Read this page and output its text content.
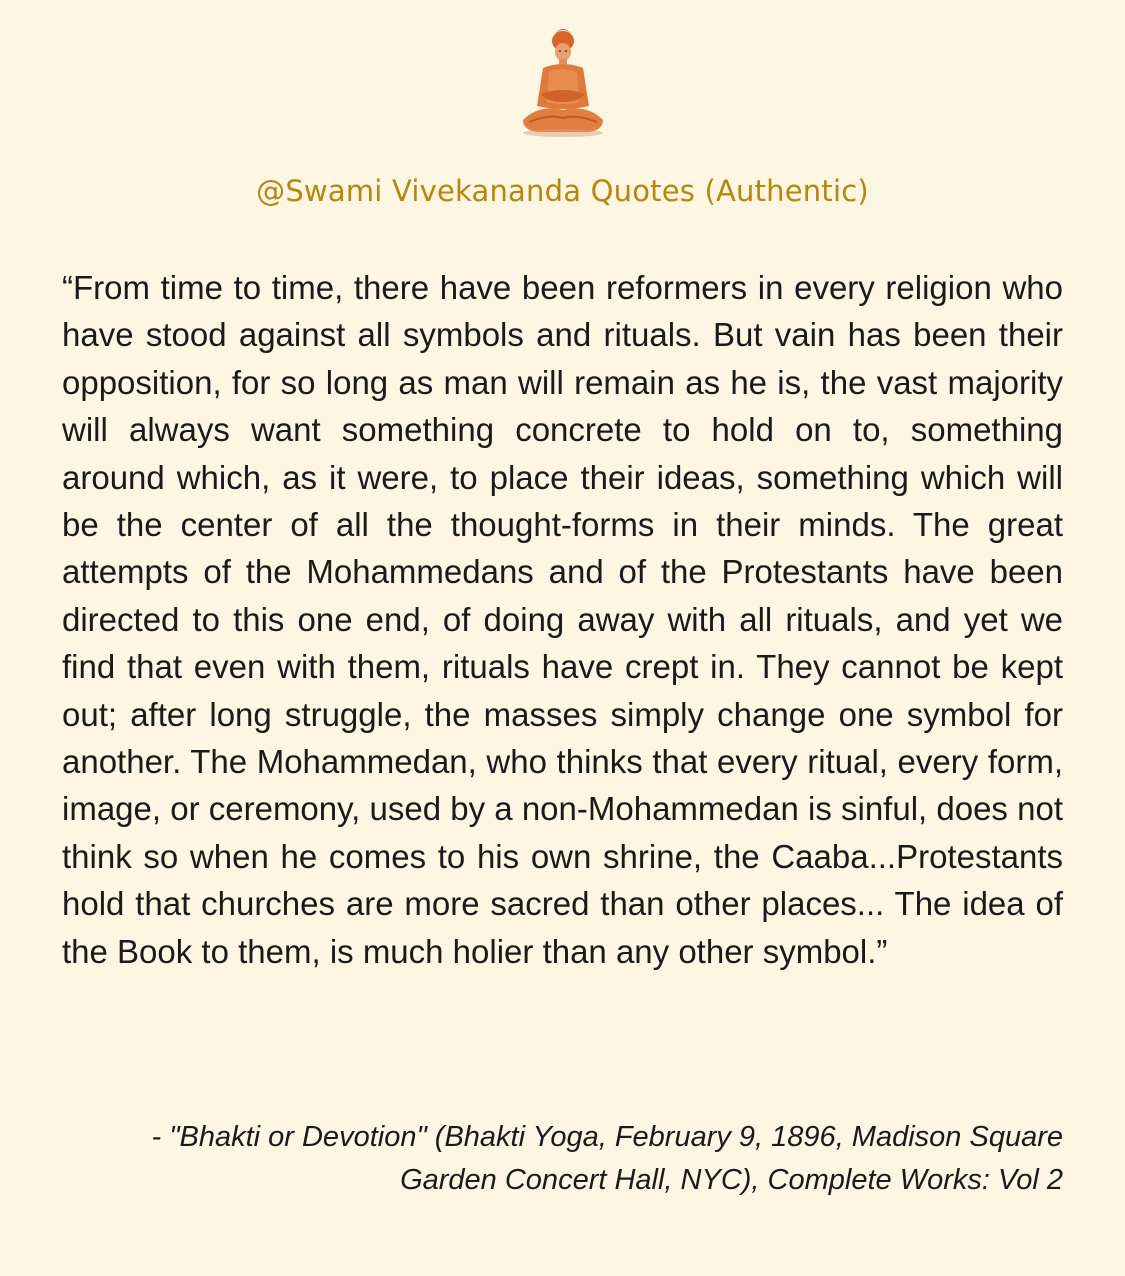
@Swami Vivekananda Quotes (Authentic)

“From time to time, there have been reformers in every religion who have stood against all symbols and rituals. But vain has been their opposition, for so long as man will remain as he is, the vast majority will always want something concrete to hold on to, something around which, as it were, to place their ideas, something which will be the center of all the thought-forms in their minds. The great attempts of the Mohammedans and of the Protestants have been directed to this one end, of doing away with all rituals, and yet we find that even with them, rituals have crept in. They cannot be kept out; after long struggle, the masses simply change one symbol for another. The Mohammedan, who thinks that every ritual, every form, image, or ceremony, used by a non-Mohammedan is sinful, does not think so when he comes to his own shrine, the Caaba...Protestants hold that churches are more sacred than other places... The idea of the Book to them, is much holier than any other symbol.”

- "Bhakti or Devotion" (Bhakti Yoga, February 9, 1896, Madison Square Garden Concert Hall, NYC), Complete Works: Vol 2
